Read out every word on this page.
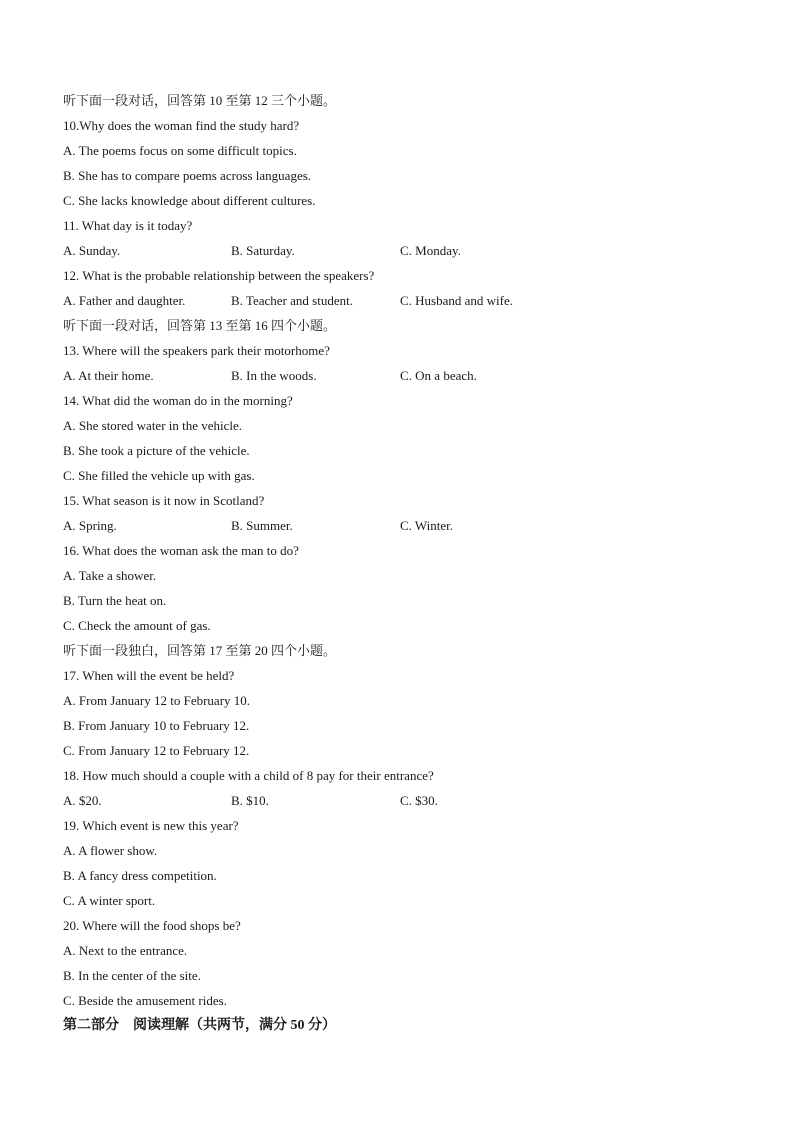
听下面一段对话，回答第 10 至第 12 三个小题。
10.Why does the woman find the study hard?
A. The poems focus on some difficult topics.
B. She has to compare poems across languages.
C. She lacks knowledge about different cultures.
11. What day is it today?
A. Sunday.	B. Saturday.	C. Monday.
12. What is the probable relationship between the speakers?
A. Father and daughter.	B. Teacher and student.	C. Husband and wife.
听下面一段对话，回答第 13 至第 16 四个小题。
13. Where will the speakers park their motorhome?
A. At their home.	B. In the woods.	C. On a beach.
14. What did the woman do in the morning?
A. She stored water in the vehicle.
B. She took a picture of the vehicle.
C. She filled the vehicle up with gas.
15. What season is it now in Scotland?
A. Spring.	B. Summer.	C. Winter.
16. What does the woman ask the man to do?
A. Take a shower.
B. Turn the heat on.
C. Check the amount of gas.
听下面一段独白，回答第 17 至第 20 四个小题。
17. When will the event be held?
A. From January 12 to February 10.
B. From January 10 to February 12.
C. From January 12 to February 12.
18. How much should a couple with a child of 8 pay for their entrance?
A. $20.	B. $10.	C. $30.
19. Which event is new this year?
A. A flower show.
B. A fancy dress competition.
C. A winter sport.
20. Where will the food shops be?
A. Next to the entrance.
B. In the center of the site.
C. Beside the amusement rides.
第二部分　阅读理解（共两节，满分 50 分）
